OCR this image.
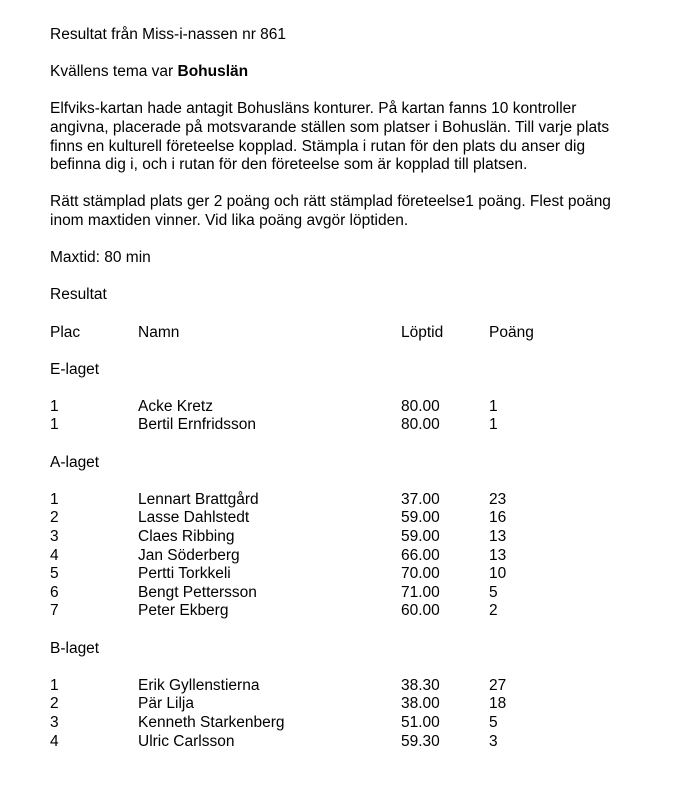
Resultat från Miss-i-nassen nr 861

Kvällens tema var Bohuslän

Elfviks-kartan hade antagit Bohusläns konturer. På kartan fanns 10 kontroller

angivna, placerade på motsvarande ställen som platser i Bohuslän. Till varje plats

finns en kulturell företeelse kopplad. Stämpla i rutan för den plats du anser dig

befinna dig i, och i rutan för den företeelse som är kopplad till platsen.

Rätt stämplad plats ger 2 poäng och rätt stämplad företeelse1 poäng. Flest poäng

inom maxtiden vinner. Vid lika poäng avgör löptiden.

Maxtid: 80 min

Resultat

Plac	Namn	Löptid	Poäng

E-laget

1	Acke Kretz	80.00	1
1	Bertil Ernfridsson	80.00	1

A-laget

1	Lennart Brattgård	37.00	23
2	Lasse Dahlstedt	59.00	16
3	Claes Ribbing	59.00	13
4	Jan Söderberg	66.00	13
5	Pertti Torkkeli	70.00	10
6	Bengt Pettersson	71.00	5
7	Peter Ekberg	60.00	2

B-laget

1	Erik Gyllenstierna	38.30	27
2	Pär Lilja	38.00	18
3	Kenneth Starkenberg	51.00	5
4	Ulric Carlsson	59.30	3
